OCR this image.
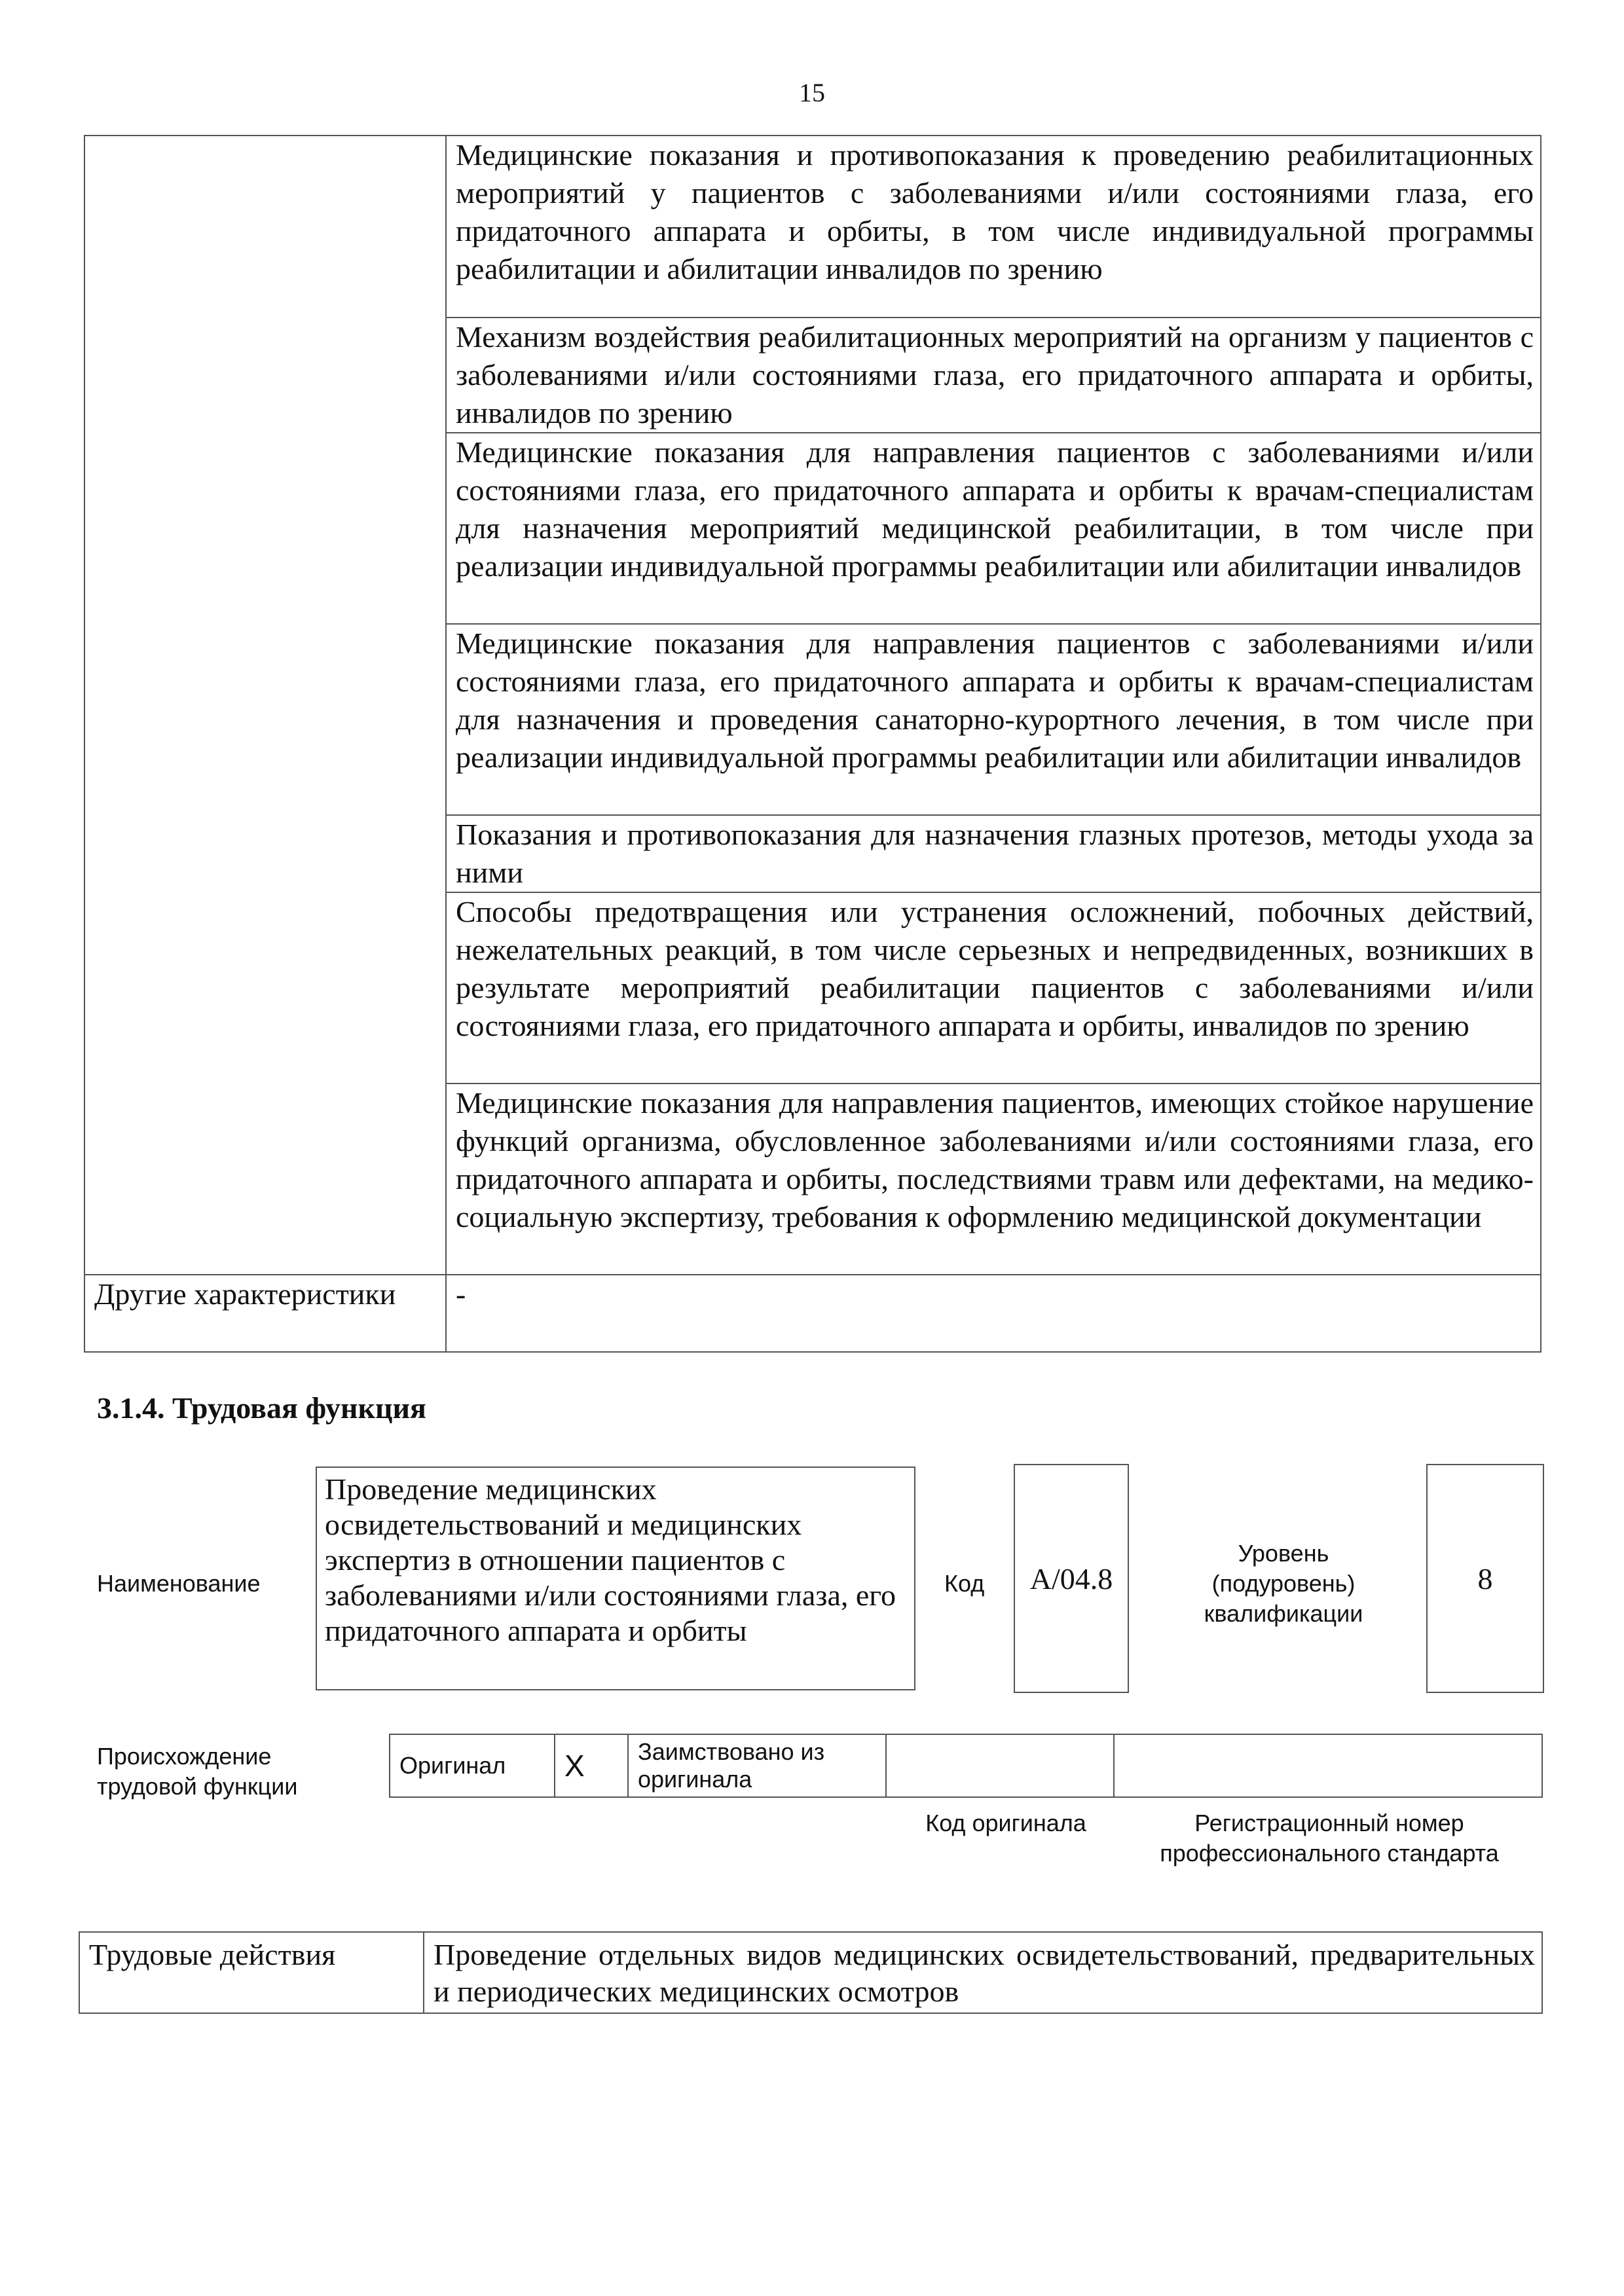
15
	Медицинские показания и противопоказания к проведению реабилитационных мероприятий у пациентов с заболеваниями и/или состояниями глаза, его придаточного аппарата и орбиты, в том числе индивидуальной программы реабилитации и абилитации инвалидов по зрению
	Механизм воздействия реабилитационных мероприятий на организм у пациентов с заболеваниями и/или состояниями глаза, его придаточного аппарата и орбиты, инвалидов по зрению
	Медицинские показания для направления пациентов с заболеваниями и/или состояниями глаза, его придаточного аппарата и орбиты к врачам-специалистам для назначения мероприятий медицинской реабилитации, в том числе при реализации индивидуальной программы реабилитации или абилитации инвалидов
	Медицинские показания для направления пациентов с заболеваниями и/или состояниями глаза, его придаточного аппарата и орбиты к врачам-специалистам для назначения и проведения санаторно-курортного лечения, в том числе при реализации индивидуальной программы реабилитации или абилитации инвалидов
	Показания и противопоказания для назначения глазных протезов, методы ухода за ними
	Способы предотвращения или устранения осложнений, побочных действий, нежелательных реакций, в том числе серьезных и непредвиденных, возникших в результате мероприятий реабилитации пациентов с заболеваниями и/или состояниями глаза, его придаточного аппарата и орбиты, инвалидов по зрению
	Медицинские показания для направления пациентов, имеющих стойкое нарушение функций организма, обусловленное заболеваниями и/или состояниями глаза, его придаточного аппарата и орбиты, последствиями травм или дефектами, на медико-социальную экспертизу, требования к оформлению медицинской документации
Другие характеристики	-
3.1.4. Трудовая функция
Наименование
Проведение медицинских освидетельствований и медицинских экспертиз в отношении пациентов с заболеваниями и/или состояниями глаза, его придаточного аппарата и орбиты
Код A/04.8
Уровень (подуровень) квалификации
8
Происхождение трудовой функции
Оригинал	X	Заимствовано из оригинала		
Код оригинала	Регистрационный номер профессионального стандарта
Трудовые действия	Проведение отдельных видов медицинских освидетельствований, предварительных и периодических медицинских осмотров
